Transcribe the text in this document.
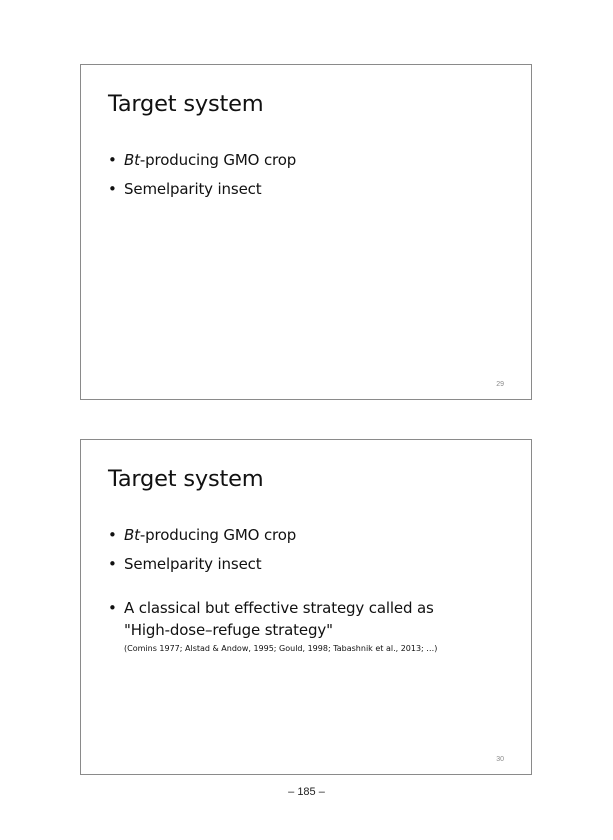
Target system
• Bt-producing GMO crop
• Semelparity insect
29
Target system
• Bt-producing GMO crop
• Semelparity insect
• A classical but effective strategy called as
"High-dose–refuge strategy"
(Comins 1977; Alstad & Andow, 1995; Gould, 1998; Tabashnik et al., 2013; …)
30
– 185 –
